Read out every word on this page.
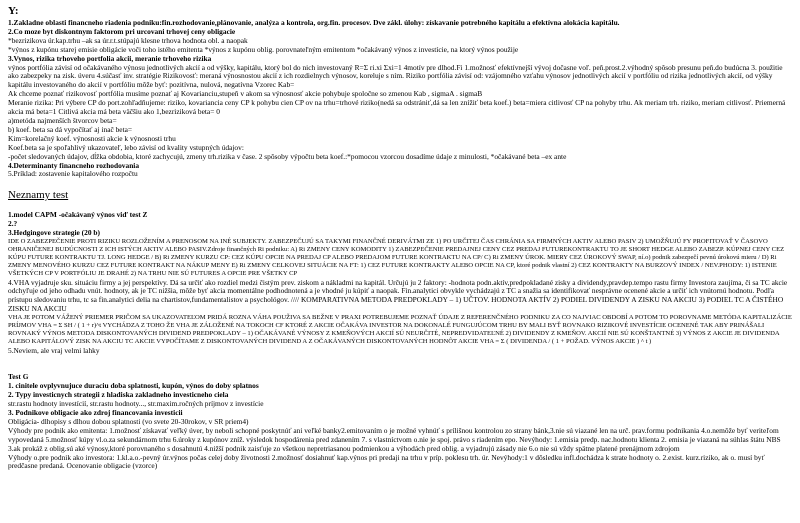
Y:

1.Zakladne oblasti financneho riadenia podniku:fin.rozhodovanie,plánovanie, analýza a kontrola, org.fin. procesov. Dve zákl. úlohy: získavanie potrebného kapitálu a efektívna alokácia kapitálu.

2.Co moze byt diskontnym faktorom pri urcovani trhovej ceny obligacie

*bezrizikova úr.kap.trhu –ak sa úr.r.t.stúpajú klesne trhova hodnota obl. a naopak

*výnos z kupónu starej emisie obligácie voči toho istého emitenta *výnos z kupónu oblig. porovnateľným emitentom *očakávaný výnos z investície, na ktorý výnos použije

3.Vynos, rizika trhoveho portfolia akcii, meranie trhoveho rizika

výnos portfólia závisí od očakávaného výnosu jednotlivých akcií a od výšky, kapitálu, ktorý bol do nich investovaný R=Σ ri.xi Σxi=1 4motív pre dlhod.Fi 1.možnosť efektívnejší vývoj dočasne voľ. peň.prost.2.výhodný spôsob presunu peň.do budúcna 3. použitie ako zabezpeky na zisk. úveru 4.súčasť inv. stratégie Rizikovosť: meraná výnosnostou akcií z ich rozdielnych výnosov, koreluje s ním. Riziko portfólia závisí od: vzájomného vzťahu výnosov jednotlivých akcií v portfóliu od rizika jednotlivých akcií, od výšky kapitálu investovaného do akcií v portfóliu môže byť: pozitívna, nulová, negatívna Vzorec Kab=

Ak chceme poznať rizikovosť portfólia musíme poznať aj Kovarianciu,stupeň v akom sa výnosnosť akcie pohybuje spoločne so zmenou Kab , sigmaA . sigmaB

Meranie rizika: Pri výbere CP do port.zohľadňujeme: riziko, kovariancia ceny CP k pohybu cien CP ov na trhu=trhové riziko(nedá sa odstrániť,dá sa len znížiť beta koef.) beta=miera citlivosť CP na pohyby trhu. Ak meriam trh. riziko, meriam citlivosť. Priemerná akcia má beta=1 Citlivá akcia má beta väčšiu ako 1,bezriziková beta= 0

a)metóda najmenších štvorcov beta=

b) koef. beta sa dá vypočítať aj inač beta=

Kim=korelačný koef. výnosnosti akcie k výnosnosti trhu

Koef.beta sa je spoľahlivý ukazovateľ, lebo závisí od kvality vstupných údajov:

-počet sledovaných údajov, dĺžka obdobia, ktoré zachycujú, zmeny trh.rizika v čase. 2 spôsoby výpočtu beta koef.:*pomocou vzorcou dosadíme údaje z minulosti, *očakávané beta –ex ante

4.Determinanty financneho rozhodovania

5.Príklad: zostavenie kapitalového rozpočtu

Neznamy test

1.model CAPM -očakávaný výnos viď test Z

2.?

3.Hedgingove strategie (20 b)

IDE O ZABEZPEČENIE PROTI RIZIKU ROZLOŽENÍM A PRENOSOM NA INÉ SUBJEKTY. ZABEZPEČUJÚ SA TAKYMI FINANČNÉ DERIVÁTMI ZE 1) PO URČITEJ ČAS CHRÁNIA SA FIRMNÝCH AKTIV ALEBO PASIV 2) UMOŽŇUJÚ FY PROFITOVAŤ V ČASOVO OHRANIČENEJ BUDÚCNOSTI Z ICH ISTÝCH AKTIV ALEBO PASIV.Zdroje finančných Ri podniku: A) Ri ZMENY CENY KOMODITY 1) ZABEZPEČENIE PREDAJNEJ CENY CEZ PREDAJ FUTUREKONTRAKTU TO JE SHORT HEDGE ALEBO ZABEZP. KÚPNEJ CENY CEZ KÚPU FUTURE KONTRAKTU TJ. LONG HEDGE / B) Ri ZMENY KURZU CP: CEZ KÚPU OPCIE NA PREDAJ CP ALEBO PREDAJOM FUTURE KONTRAKTU NA CP/ C) Ri ZMENY ÚROK. MIERY CEZ ÚROKOVÝ SWAP, ní.o) podnik zabezpečí pevnú úrokovú mieru / D) Ri ZMENY MENOVÉHO KURZU CEZ FUTURE KONTRAKT NA NÁKUP MENY E) Ri ZMENY CELKOVEJ SITUÁCIE NA FT: 1) CEZ FUTURE KONTRAKTY ALEBO OPCIE NA CP, ktoré podnik vlastní 2) CEZ KONTRAKTY NA BURZOVÝ INDEX / NEV.PHODY: 1) ISTENIE VŠETKÝCH CP V PORTFÓLIU JE DRAHÉ 2) NA TRHU NIE SÚ FUTURES A OPCIE PRE VŠETKY CP

4.VHA vyjadruje sku. situáciu firmy a jej perspektívy. Dá sa určiť ako rozdiel medzi čistým prev. ziskom a nákladmi na kapitál. Určujú ju 2 faktory: -hodnota podn.aktív,predpokladané zisky a dividendy,pravdep.tempo rastu firmy Investora zaujíma, či sa TC akcie odchyľuje od jeho odhadu vnút. hodnoty, ak je TC nižšia, môže byť akcia momentálne podhodnotená a je vhodné ju kúpiť a naopak. Fin.analytici obvykle vychádzajú z TC a snažia sa identifikovať nesprávne ocenené akcie a určiť ich vnútornú hodnotu. Podľa prístupu sledovaniu trhu, tc sa fin.analytici delia na chartistov,fundamentalistov a psychológov. //// KOMPARATIVNA METODA PREDPOKLADY – 1) UČTOV. HODNOTA AKTÍV 2) PODIEL DIVIDENDY A ZISKU NA AKCIU 3) PODIEL TC A ČISTÉHO ZISKU NA AKCIU

VHA JE POTOM VÁŽENÝ PRIEMER PRIČOM SA UKAZOVATEĽOM PRIDÁ ROZNA VÁHA POUŽIVA SA BEŽNE V PRAXI POTREBUJEME POZNAŤ ÚDAJE Z REFERENČNÉHO PODNIKU ZA CO NAJVIAC OBDOBÍ A POTOM TO POROVNAME METÓDA KAPITALIZÁCIE PRÍJMOV VHA = Σ SH / ( 1 + r)^t VYCHÁDZA Z TOHO ŽE VHA JE ZÁLOŽENÉ NA TOKOCH CF KTORÉ Z AKCIE OČAKÁVA INVESTOR NA DOKONALÉ FUNGUJÚCOM TRHU BY MALI BYŤ ROVNAKO RIZIKOVÉ INVESTÍCIE OCENENÉ TAK ABY PRINÁŠALI ROVNAKÝ VÝNOS METODA DISKONTOVANÝCH DIVIDEND PREDPOKLADY – 1) OČAKÁVANÉ VÝNOSY Z KMEŇOVÝCH AKCIÍ SÚ NEURČITÉ, NEPREDVIDATEĽNÉ 2) DIVIDENDY Z KMEŇOV. AKCIÍ NIE SÚ KONŠTANTNÉ 3) VÝNOS Z AKCIE JE DIVIDENDA ALEBO KAPITÁLOVÝ ZISK NA AKCIU TC AKCIE VYPOČÍTAME Z DISKONTOVANÝCH DIVIDEND A Z OČAKÁVANÝCH DISKONTOVANÝCH HODNÔT AKCIE VHA = Σ ( DIVIDENDA / ( 1 + POŽAD. VÝNOS AKCIE ) ^ t )

5.Neviem, ale vraj velmi lahky

Test G

1. cinitele ovplyvnujuce duraciu doba splatnosti, kupón, výnos do doby splatnos

2. Typy investicnych strategii z hladiska zakladneho investicneho ciela

str.rastu hodnoty investícií, str.rastu hodnoty..., str.maxim.ročných príjmov z investície

3. Podnikove obligacie ako zdroj financovania investicii

Obligácia- dlhopisy s dlhou dobou splatnosti (vo svete 20-30rokov, v SR priem4)

Výhody pre podnik ako emitenta: 1.možnosť získavať veľký úver, by neboli schopné poskytnúť ani veľké banky2.emitovaním o je možné vyhnúť s prílišnou kontrolou zo strany bánk,3.nie sú viazané len na urč. prav.formu podnikania 4.o.nemôže byť veriteľom vypovedaná 5.možnosť kúpy vl.o.za sekundárnom trhu 6.úroky z kupónov zníž. výsledok hospodárenia pred zdanením 7. s vlastníctvom o.nie je spoj. právo s riadením epo. Nevýhody: 1.emisia predp. nac.hodnotu klienta 2. emisia je viazaná na súhlas štátu NBS 3.ak prokáž z oblig.sú aké výnosy,ktoré porovnaného s dosahnutú 4.nižší podnik zaisťuje zo všetkou nepretriasanou podmienkou a výhodách pred oblig. a vyjadrujú zásady nie 6.o nie sú vždy spätne platené prenájmom zdrojom

Výhody o.pre podnik ako investora: 1.kl.a.o.-pevný úr.výnos počas celej doby životnosti 2.možnosť dosiahnuť kap.výnos pri predaji na trhu v príp. poklesu trh. úr. Nevýhody:1 v dôsledku infl.dochádza k strate hodnoty o. 2.exist. kurz.riziko, ak o. musí byť predčasne predaná. Ocenovanie obligacie (vzorce)
